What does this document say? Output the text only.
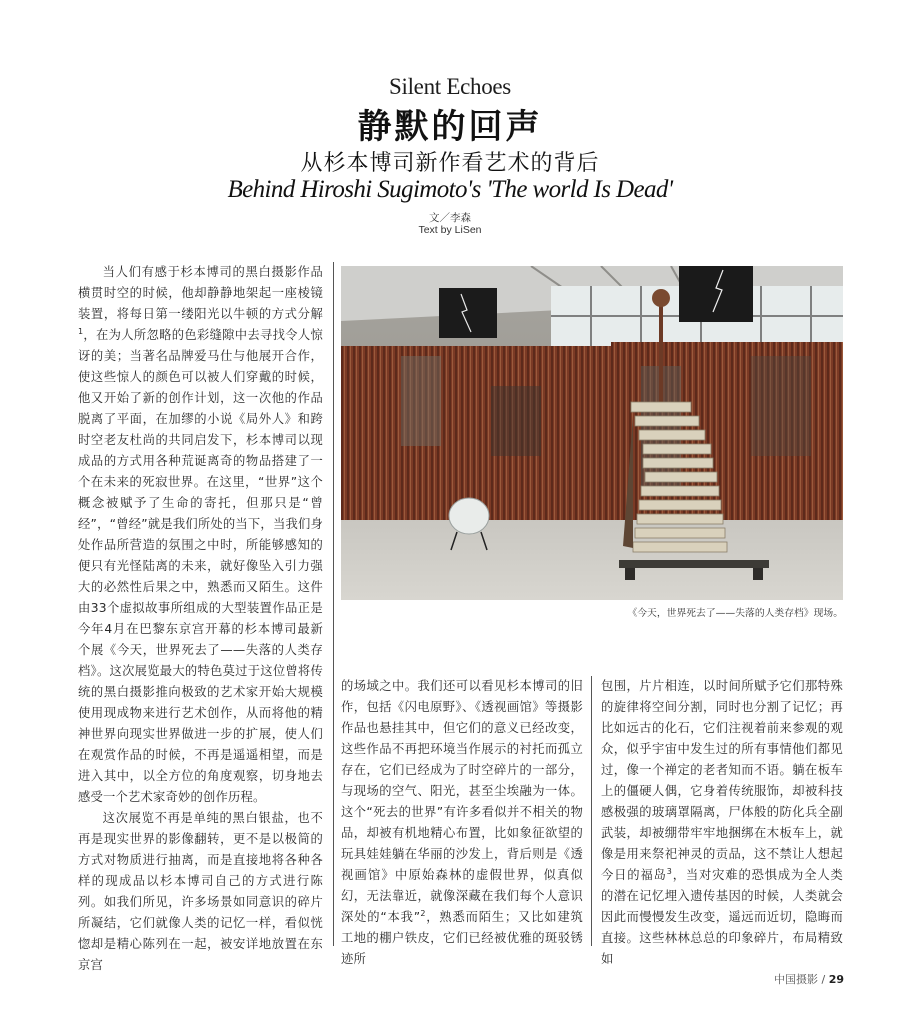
Silent Echoes
静默的回声
从杉本博司新作看艺术的背后
Behind Hiroshi Sugimoto's 'The world Is Dead'
文／李森
Text by LiSen

当人们有感于杉本博司的黑白摄影作品横贯时空的时候，他却静静地架起一座棱镜装置，将每日第一缕阳光以牛顿的方式分解$^1$，在为人所忽略的色彩缝隙中去寻找令人惊讶的美；当著名品牌爱马仕与他展开合作，使这些惊人的颜色可以被人们穿戴的时候，他又开始了新的创作计划，这一次他的作品脱离了平面，在加缪的小说《局外人》和跨时空老友杜尚的共同启发下，杉本博司以现成品的方式用各种荒诞离奇的物品搭建了一个在未来的死寂世界。在这里，“世界”这个概念被赋予了生命的寄托，但那只是“曾经”，“曾经”就是我们所处的当下，当我们身处作品所营造的氛围之中时，所能够感知的便只有光怪陆离的未来，就好像坠入引力强大的必然性后果之中，熟悉而又陌生。这件由33个虚拟故事所组成的大型装置作品正是今年4月在巴黎东京宫开幕的杉本博司最新个展《今天，世界死去了——失落的人类存档》。这次展览最大的特色莫过于这位曾将传统的黑白摄影推向极致的艺术家开始大规模使用现成物来进行艺术创作，从而将他的精神世界向现实世界做进一步的扩展，使人们在观赏作品的时候，不再是遥遥相望，而是进入其中，以全方位的角度观察，切身地去感受一个艺术家奇妙的创作历程。

这次展览不再是单纯的黑白银盐，也不再是现实世界的影像翻转，更不是以极简的方式对物质进行抽离，而是直接地将各种各样的现成品以杉本博司自己的方式进行陈列。如我们所见，许多场景如同意识的碎片所凝结，它们就像人类的记忆一样，看似恍惚却是精心陈列在一起，被安详地放置在东京宫

《今天，世界死去了——失落的人类存档》现场。

的场域之中。我们还可以看见杉本博司的旧作，包括《闪电原野》、《透视画馆》等摄影作品也悬挂其中，但它们的意义已经改变，这些作品不再把环境当作展示的衬托而孤立存在，它们已经成为了时空碎片的一部分，与现场的空气、阳光，甚至尘埃融为一体。这个“死去的世界”有许多看似并不相关的物品，却被有机地精心布置，比如象征欲望的玩具娃娃躺在华丽的沙发上，背后则是《透视画馆》中原始森林的虚假世界，似真似幻，无法靠近，就像深藏在我们每个人意识深处的“本我”$^2$，熟悉而陌生；又比如建筑工地的棚户铁皮，它们已经被优雅的斑驳锈迹所

包围，片片相连，以时间所赋予它们那特殊的旋律将空间分割，同时也分割了记忆；再比如远古的化石，它们注视着前来参观的观众，似乎宇宙中发生过的所有事情他们都见过，像一个禅定的老者知而不语。躺在板车上的僵硬人偶，它身着传统服饰，却被科技感极强的玻璃罩隔离，尸体般的防化兵全副武装，却被绷带牢牢地捆绑在木板车上，就像是用来祭祀神灵的贡品，这不禁让人想起今日的福岛$^3$，当对灾难的恐惧成为全人类的潜在记忆埋入遗传基因的时候，人类就会因此而慢慢发生改变，遥远而近切，隐晦而直接。这些林林总总的印象碎片，布局精致如

中国摄影 / 29
